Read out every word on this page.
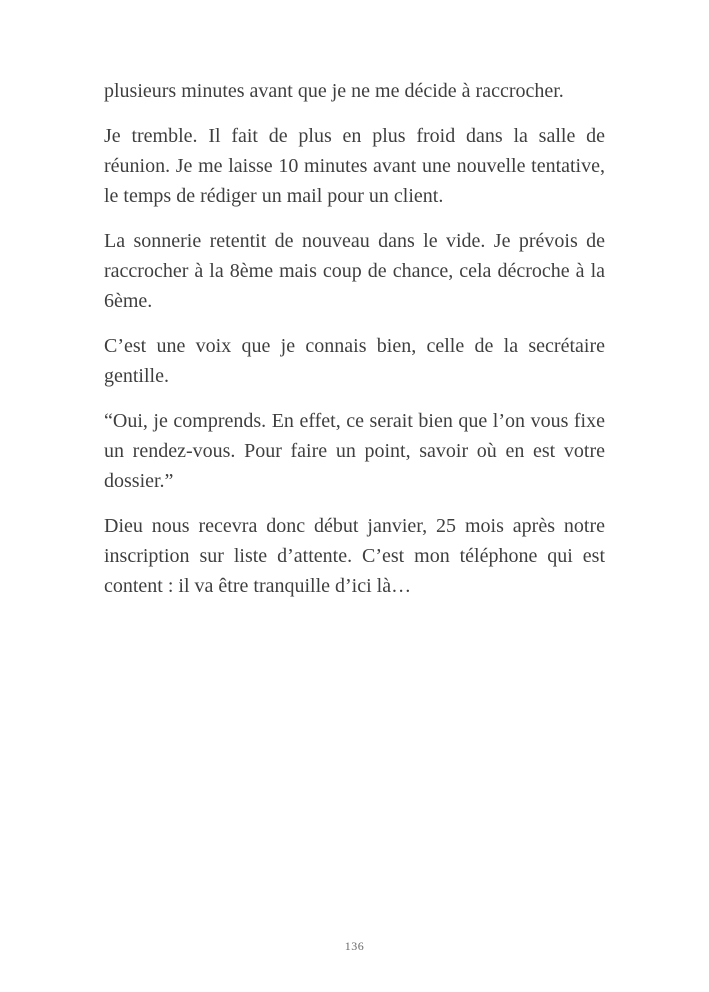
plusieurs minutes avant que je ne me décide à raccrocher.

Je tremble. Il fait de plus en plus froid dans la salle de réunion. Je me laisse 10 minutes avant une nouvelle tentative, le temps de rédiger un mail pour un client.

La sonnerie retentit de nouveau dans le vide. Je prévois de raccrocher à la 8ème mais coup de chance, cela décroche à la 6ème.

C’est une voix que je connais bien, celle de la secrétaire gentille.

“Oui, je comprends. En effet, ce serait bien que l’on vous fixe un rendez-vous. Pour faire un point, savoir où en est votre dossier.”

Dieu nous recevra donc début janvier, 25 mois après notre inscription sur liste d’attente. C’est mon téléphone qui est content : il va être tranquille d’ici là…

136
